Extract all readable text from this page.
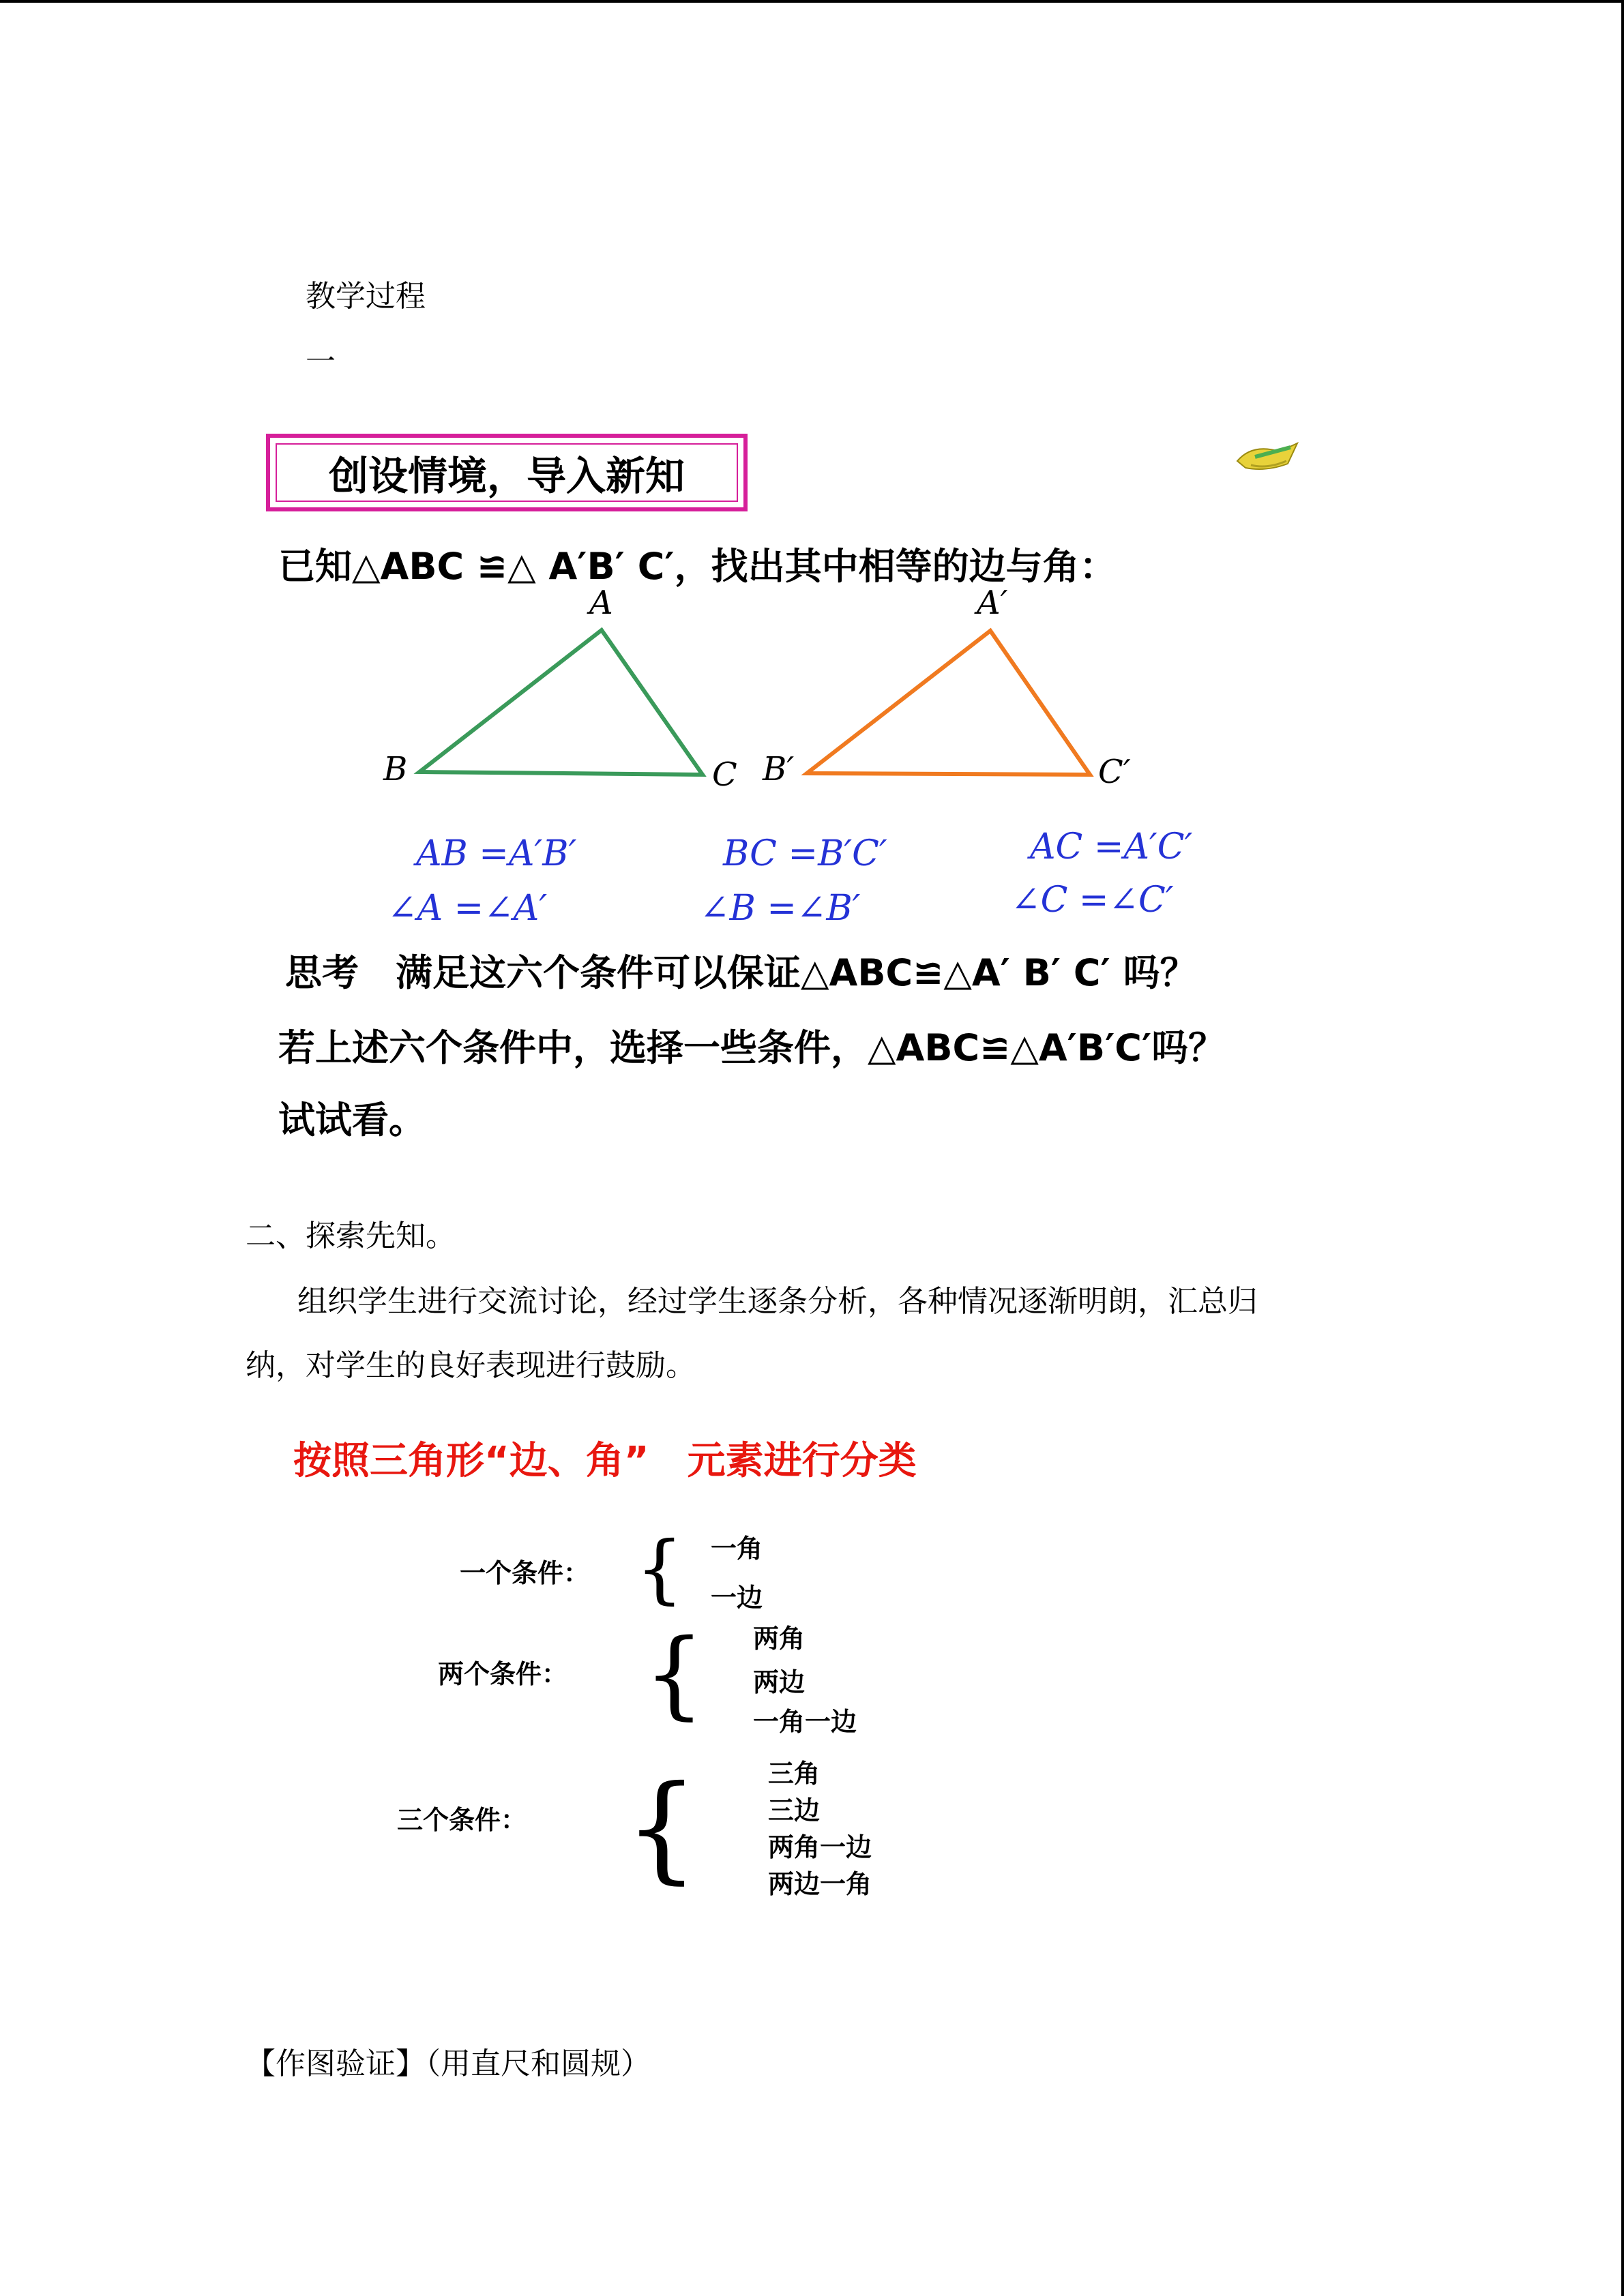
教学过程
一
创设情境，导入新知
已知△ABC ≌△ A′B′ C′，找出其中相等的边与角：
A
B	C
A′
B′	C′
AB =A′B′	BC =B′C′	AC =A′C′
∠A =∠A′	∠B =∠B′	∠C =∠C′
思考　满足这六个条件可以保证△ABC≌△A′ B′ C′ 吗？
若上述六个条件中，选择一些条件，△ABC≌△A′B′C′吗？
试试看。
二、探索先知。
组织学生进行交流讨论，经过学生逐条分析，各种情况逐渐明朗，汇总归
纳，对学生的良好表现进行鼓励。
按照三角形“边、角”　元素进行分类
一个条件： { 一角
一边
两个条件： { 两角
两边
一角一边
三个条件： {	三角
三边
两角一边
两边一角
【作图验证】（用直尺和圆规）
